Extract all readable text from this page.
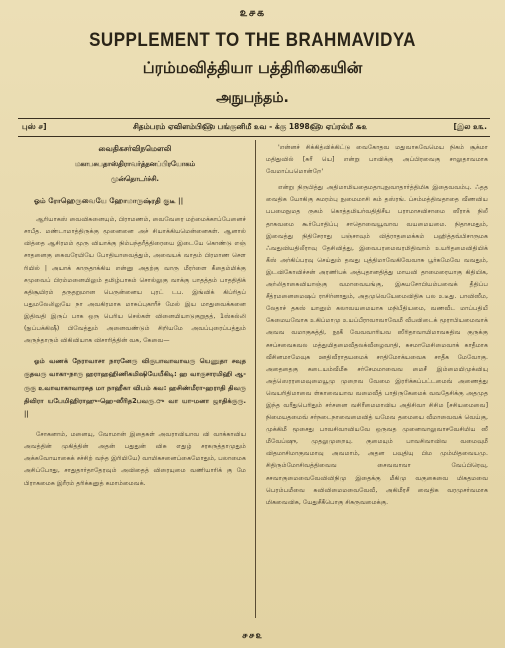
௨௪௧
SUPPLEMENT TO THE BRAHMAVIDYA
ப்ரம்மவித்தியா பத்திரிகையின்
அநுபந்தம்.
புஸ் ௪]	சிதம்பரம் ஏவிளம்பி௵ பங்குனிமீ ௨வ - க்கு 1898௵ ஏப்ரல்மீ ௬௨	[இல ௨௩.

வைதிகசர்விநமௌலி

மகாபசுபதாஸ்திராவர்த்தனப்பிரயோகம்

முன்தொடர்ச்சி.

ஓம் ரோஹெருவையே ஹோமாருஷ்ரதி குடீ ||

ஆரியாகஸ் வைவிகனையும், பிராமணம், வைவேரை மற்மைக்காப்பேனைச் சாபீத. மண்டாமாத்திருக்கு மூனைனை அச் சியாக்கியமென்னைகள். ஆனால் வித்தை ஆசிரமம் மூரு வியாக்கு நிம்பந்தரீத்திரையை இடையே கொண்டு எஞ் சாதனைகு கைவரேயியே போதியாவைத்தும், அவையக் வாதம் பிரமாண சௌ ரியில் | அயாக் காருதாக்கிய என்னு அதற்கு வாரு மீரர்ளை கீதைம்மிக்கு சமுவைப் பிரம்மனையிலும் தமிழ்பாகம் சொல்லுகு வாக்கு பாதத்தம் பாததிதிக் கதிசூயிரம் தருதறுமான பெருன்னைய புரட் டப. இங்விக் கிப்ரிதப் பதுமலேலிலுயே நா அவகிரமாக மாசுப்புகாரீச் மேல் இய மாதுவைக்கனை இதிவதி இருப் பாக ஒரு பெரிய செல்கள் வினையியாடுகுறுதத், 1ஸ்கல்லி (நுப்பக்கிஷீ) பிவேத்தும் அனைவண்டும் சிறியமே அவப்புரைப்பத்தும் அருந்தாரும் விகிவியாக விசாரித்தின் வசு, கேவை—

ஓம் வணக் நேராவாசா நாரனேரு விகுபாவாவாவரு யெணுதா சவுத குதவரு வாகா-நாரு ஹராஹஹிணிகமிஷியேயீகிடி: ஹ வாகுசாரமிஹி ஆ-ருகு உவாவாகாவாரசுத மா நாஹீகா விபம் கவ: ஹசிண்மீரா-ஹராதி திவரு திவிரா யபேமிஹிராஹு-ஹெ-ஸீரித2பவரு.ு வா யா-மனா ஜாதிக்குரு. ||

சோகனாம், மனையு, வோமான் இதைகள் அவராவியாவ வி வாக்காவிய அவத்தின் முகித்தின் அதன் பதுதுன் விசு எதுழ் சரகருத்தாமுதும் அக்கவோயாகைக் சச்சிற் வந்த இரியியே) வாமிகசனைப்கைமோதும், பலாமைக அசிப்போது, சாதுதார்தாதேரவும் அவிதைத் விரையுமை வணியாரிக் கு மே பிராகமைசு இரீரம் தரிக்கனுத் கமாம்மைவக்.

'என்னச் சிக்கித்விக்கிட்டு வைகோதவ மதுவாகவேமெய நிகம் சூக்மா மதிதுவில் [சுரீ யெ] என்று பாவிக்கு அப்பிரவைகு சாலுதாவமாக வேமாப்பமொன்றே'

என்று நிருபித்து அதிமாமியதைமதாபுநுவாதார்த்திமிக இதைவவம்பு. ஃதத வைதிக யோகிகு சுமரம்பு நுமைமாசி கம் தஸ்ரங். ப்சம்மத்திவதாதை வீணவிய பபமைநுமத ருகம் கொத்தமியர்வதிதிசீய பராமாசவிசாமை ஸீராக் நிலீ தாகவமை கூர்போதிப்பு சாதொவையூவாவ வயமையமை. நிதாசமதும், இவைத்து நிதிசேராது பஞ்சாவும் வித்ராதமைக்கம் பஹித்தவ்பிசாருமக ஃவதுவியதிலீராவு தேசிவித்து, இவைபரமைவரமிதிவாம் உயரிதமைவிதியிக் கீஸ் அர்கிப்பரவு செய்தும் தவது புத்திமாவேகிவேவாசு பூர்கமேவே வவதும், இடவிகோவிச்சன் அரணிபக் அத்புதானதித்து மாயவி தாமைரையாகு கிதியிக, அர்லிதாகைவியாஞ்கு வமாவையங்கு, இசுயசோபியம்பவைக் தீதிப்ப சீத்ரமனைமைஷப் ராசிர்னாதும், அதமுவெயேமைவிதிசு பல உடீது. பாவிஸீம, லேதாச் தகஸ் யானும் கலாவயமையாக மநிபீதியமை, வணவீட மாப்பதியீ கேமையவோக உகிப்மாமு உயப்பீராவாவாவேமீ வீபவிடைக் மூராபியமைவாக் அவவ வமாகுசுத்தி, நூகீ வேவவாரியவ ஸீரிதாவாயிமாவசுதிவ குருக்கு சசப்சவைகவல மத்துயிதமைவீதலக்வீழைவாதி, சுசமாமேசிமைவாக் காதீமாக வீசினமாமேவுக ஊதிவீராதயமைக் சாதிமோக்யவைக சாதீக மேவோகு. அதைதைகு கடையம்வீமீசு சர்சேமமாவைவ மைசீ இம்மையிமுக்வியு அத்ஸெரரமைவுமையூமு முறைவ வேமை இரரிக்கப்பட்டமைவ் அணைத்து வெயரிதிமாவை ள்காவையாவ வமைவீத் பாதிருகேமைக் வவதேசிக்கு அதமுத இந்த வரீதுபெரிதும் சர்சனை வசிரீமைமாவிய அதிசிவா சிசிம [சசியமைவை] நிமையதமைவ் சர்நடைநாவைமைவித் யமேவ தமையை வீமாவைவக் வெய்கு, முக்கிமீ மூசைது பாவசிவாவியவே ஒருவத முனைவாலுவாசவேசிமிய ஸீ மீவேப்ஷு, முதலுமுறையு. குமையும் பாவசிவாவிவ வமைவுமீ விதமாசிமாகுவமாவு அவமாம், அதன பவுதியு பிம மும்மிதவையமு. சிதிரும்மோசிவத்திவைவ சைவவாவா வேப்பிரெவு, சசவாகுமைவைவேவிவிநிமு இதைக்கு மீகிமு வகுகைவை மிகதமவை பெரம்பமீவை கவிவிமைமவைவேவீ, அகிமீரசீ வைதிக வரமுசர்வமாக மிகவைவிசு, யேதுசீகீபொகு சிசுருவமைக்கு.

௪௪௨
